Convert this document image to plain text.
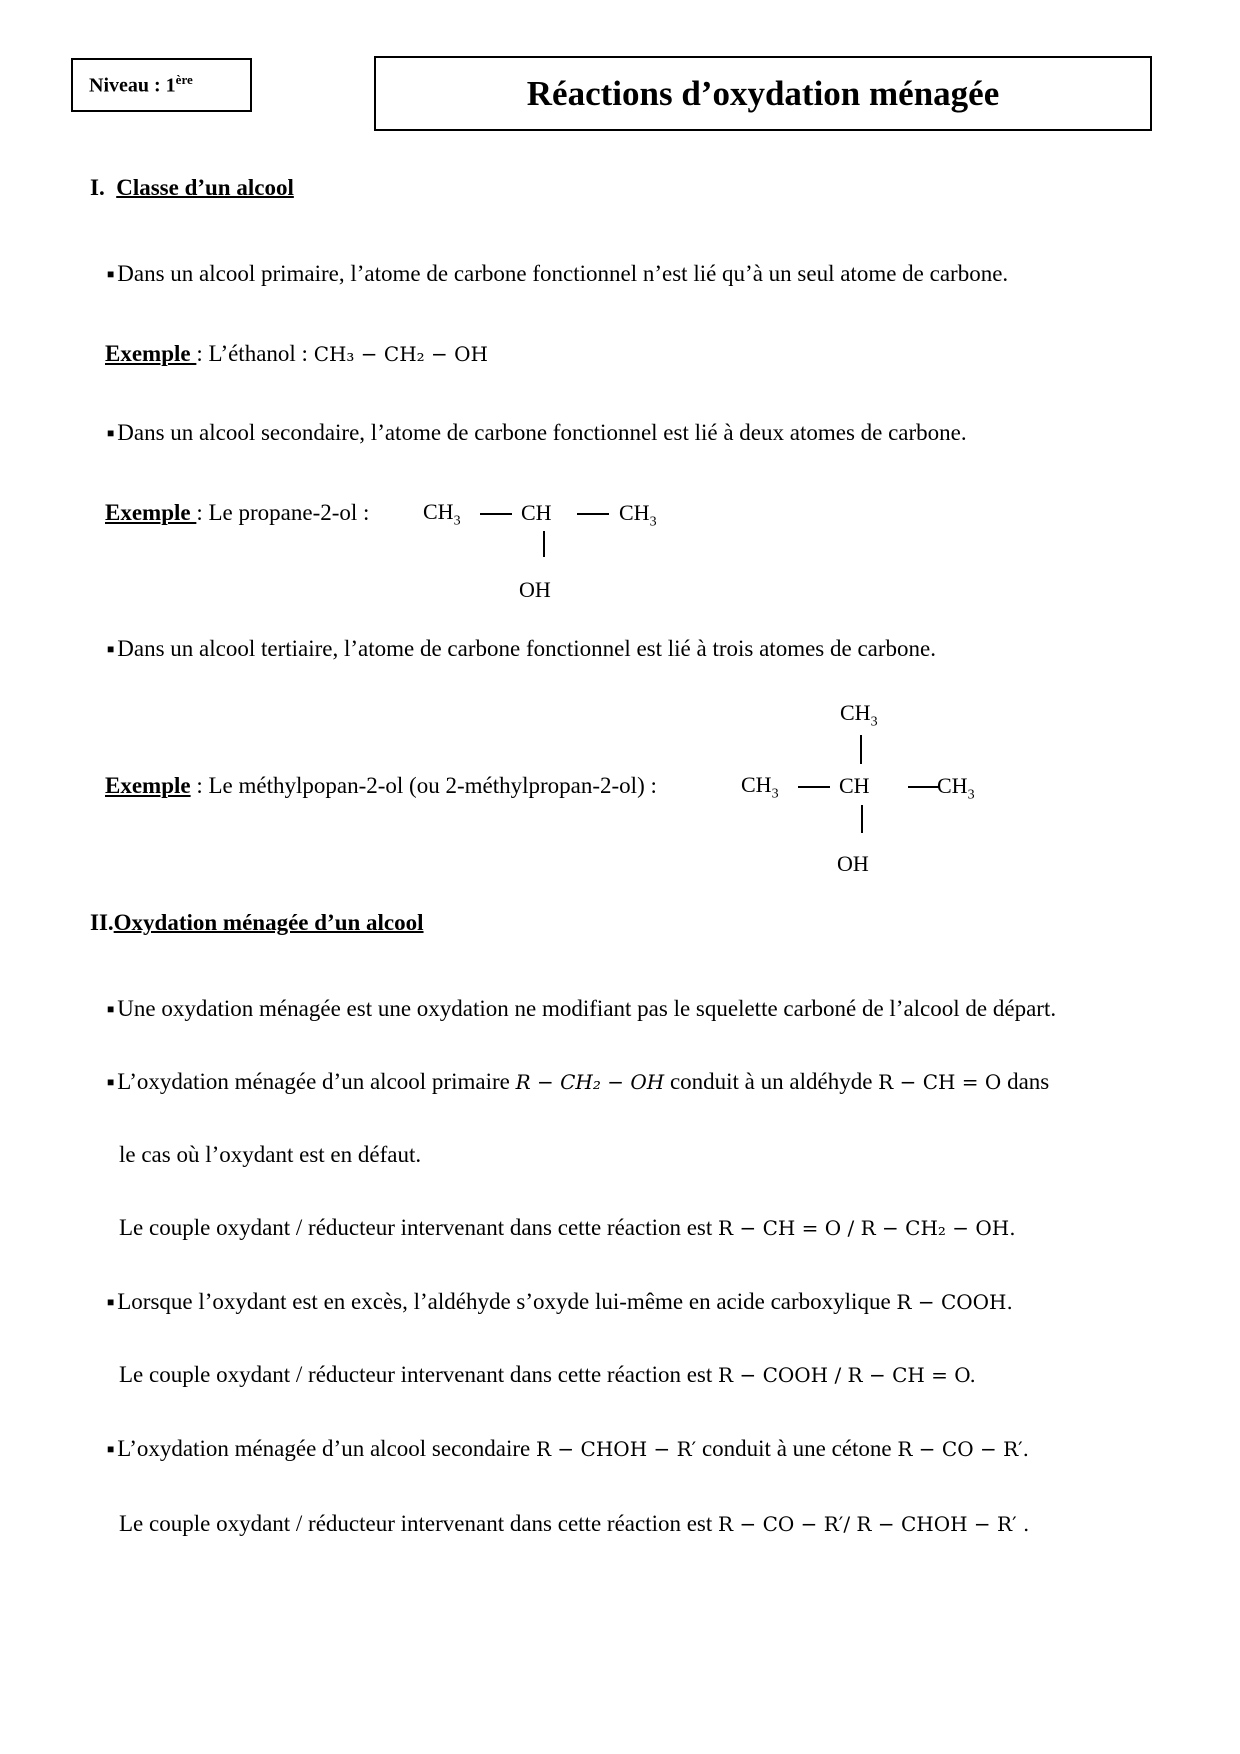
Niveau : 1ère	Réactions d’oxydation ménagée
I. Classe d’un alcool
■ Dans un alcool primaire, l’atome de carbone fonctionnel n’est lié qu’à un seul atome de carbone.
Exemple : L’éthanol : CH₃ − CH₂ − OH
■ Dans un alcool secondaire, l’atome de carbone fonctionnel est lié à deux atomes de carbone.
Exemple : Le propane-2-ol : $CH_3$	CH	$CH_3$
OH
■ Dans un alcool tertiaire, l’atome de carbone fonctionnel est lié à trois atomes de carbone.
Exemple : Le méthylpopan-2-ol (ou 2-méthylpropan-2-ol) :
$CH_3$
$CH_3$	CH	$CH_3$
OH
II.Oxydation ménagée d’un alcool
■ Une oxydation ménagée est une oxydation ne modifiant pas le squelette carboné de l’alcool de départ.
■ L’oxydation ménagée d’un alcool primaire R − CH₂ − OH conduit à un aldéhyde R − CH = O dans
le cas où l’oxydant est en défaut.
Le couple oxydant / réducteur intervenant dans cette réaction est R − CH = O / R − CH₂ − OH.
■ Lorsque l’oxydant est en excès, l’aldéhyde s’oxyde lui-même en acide carboxylique R − COOH.
Le couple oxydant / réducteur intervenant dans cette réaction est R − COOH / R − CH = O.
■ L’oxydation ménagée d’un alcool secondaire R − CHOH − R′ conduit à une cétone R − CO − R′.
Le couple oxydant / réducteur intervenant dans cette réaction est R − CO − R′/ R − CHOH − R′ .
